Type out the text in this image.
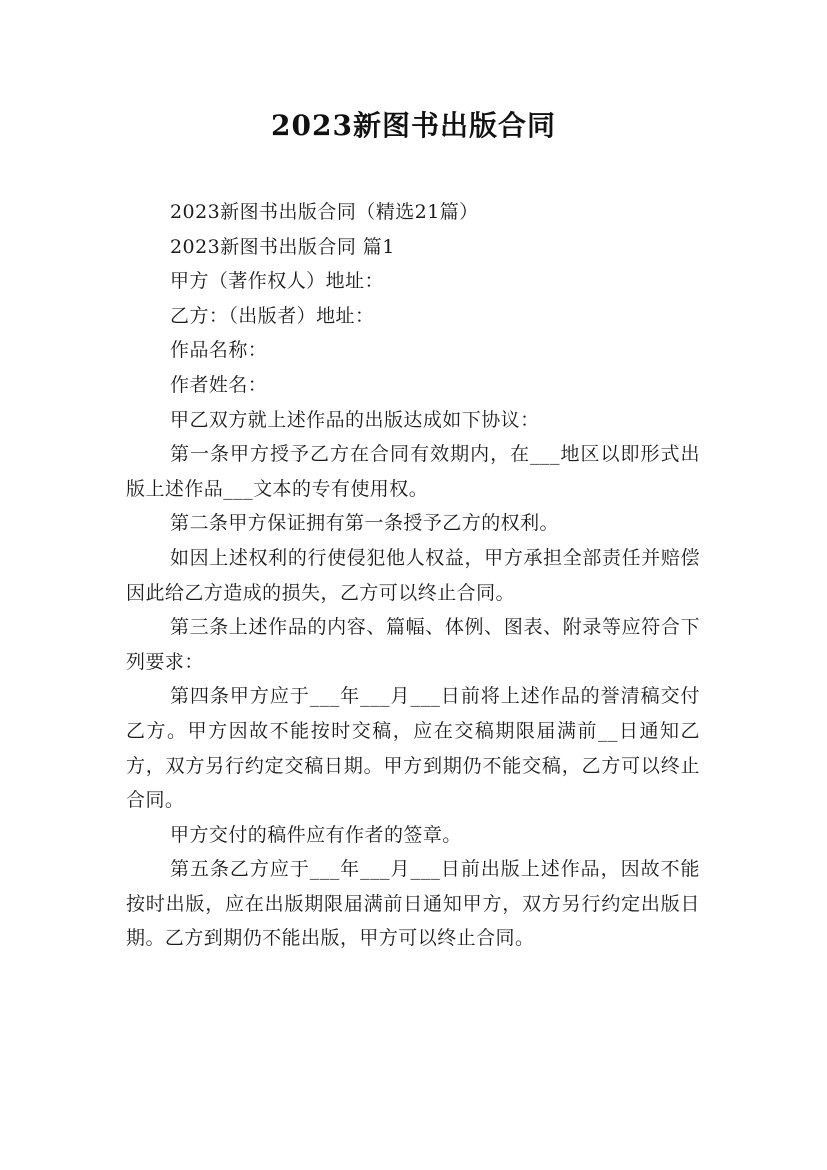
2023新图书出版合同

2023新图书出版合同（精选21篇）

2023新图书出版合同 篇1

甲方（著作权人）地址：

乙方：（出版者）地址：

作品名称：

作者姓名：

甲乙双方就上述作品的出版达成如下协议：

第一条甲方授予乙方在合同有效期内，在___地区以即形式出版上述作品___文本的专有使用权。

第二条甲方保证拥有第一条授予乙方的权利。

如因上述权利的行使侵犯他人权益，甲方承担全部责任并赔偿因此给乙方造成的损失，乙方可以终止合同。

第三条上述作品的内容、篇幅、体例、图表、附录等应符合下列要求：

第四条甲方应于___年___月___日前将上述作品的誉清稿交付乙方。甲方因故不能按时交稿，应在交稿期限届满前__日通知乙方，双方另行约定交稿日期。甲方到期仍不能交稿，乙方可以终止合同。

甲方交付的稿件应有作者的签章。

第五条乙方应于___年___月___日前出版上述作品，因故不能按时出版，应在出版期限届满前日通知甲方，双方另行约定出版日期。乙方到期仍不能出版，甲方可以终止合同。
